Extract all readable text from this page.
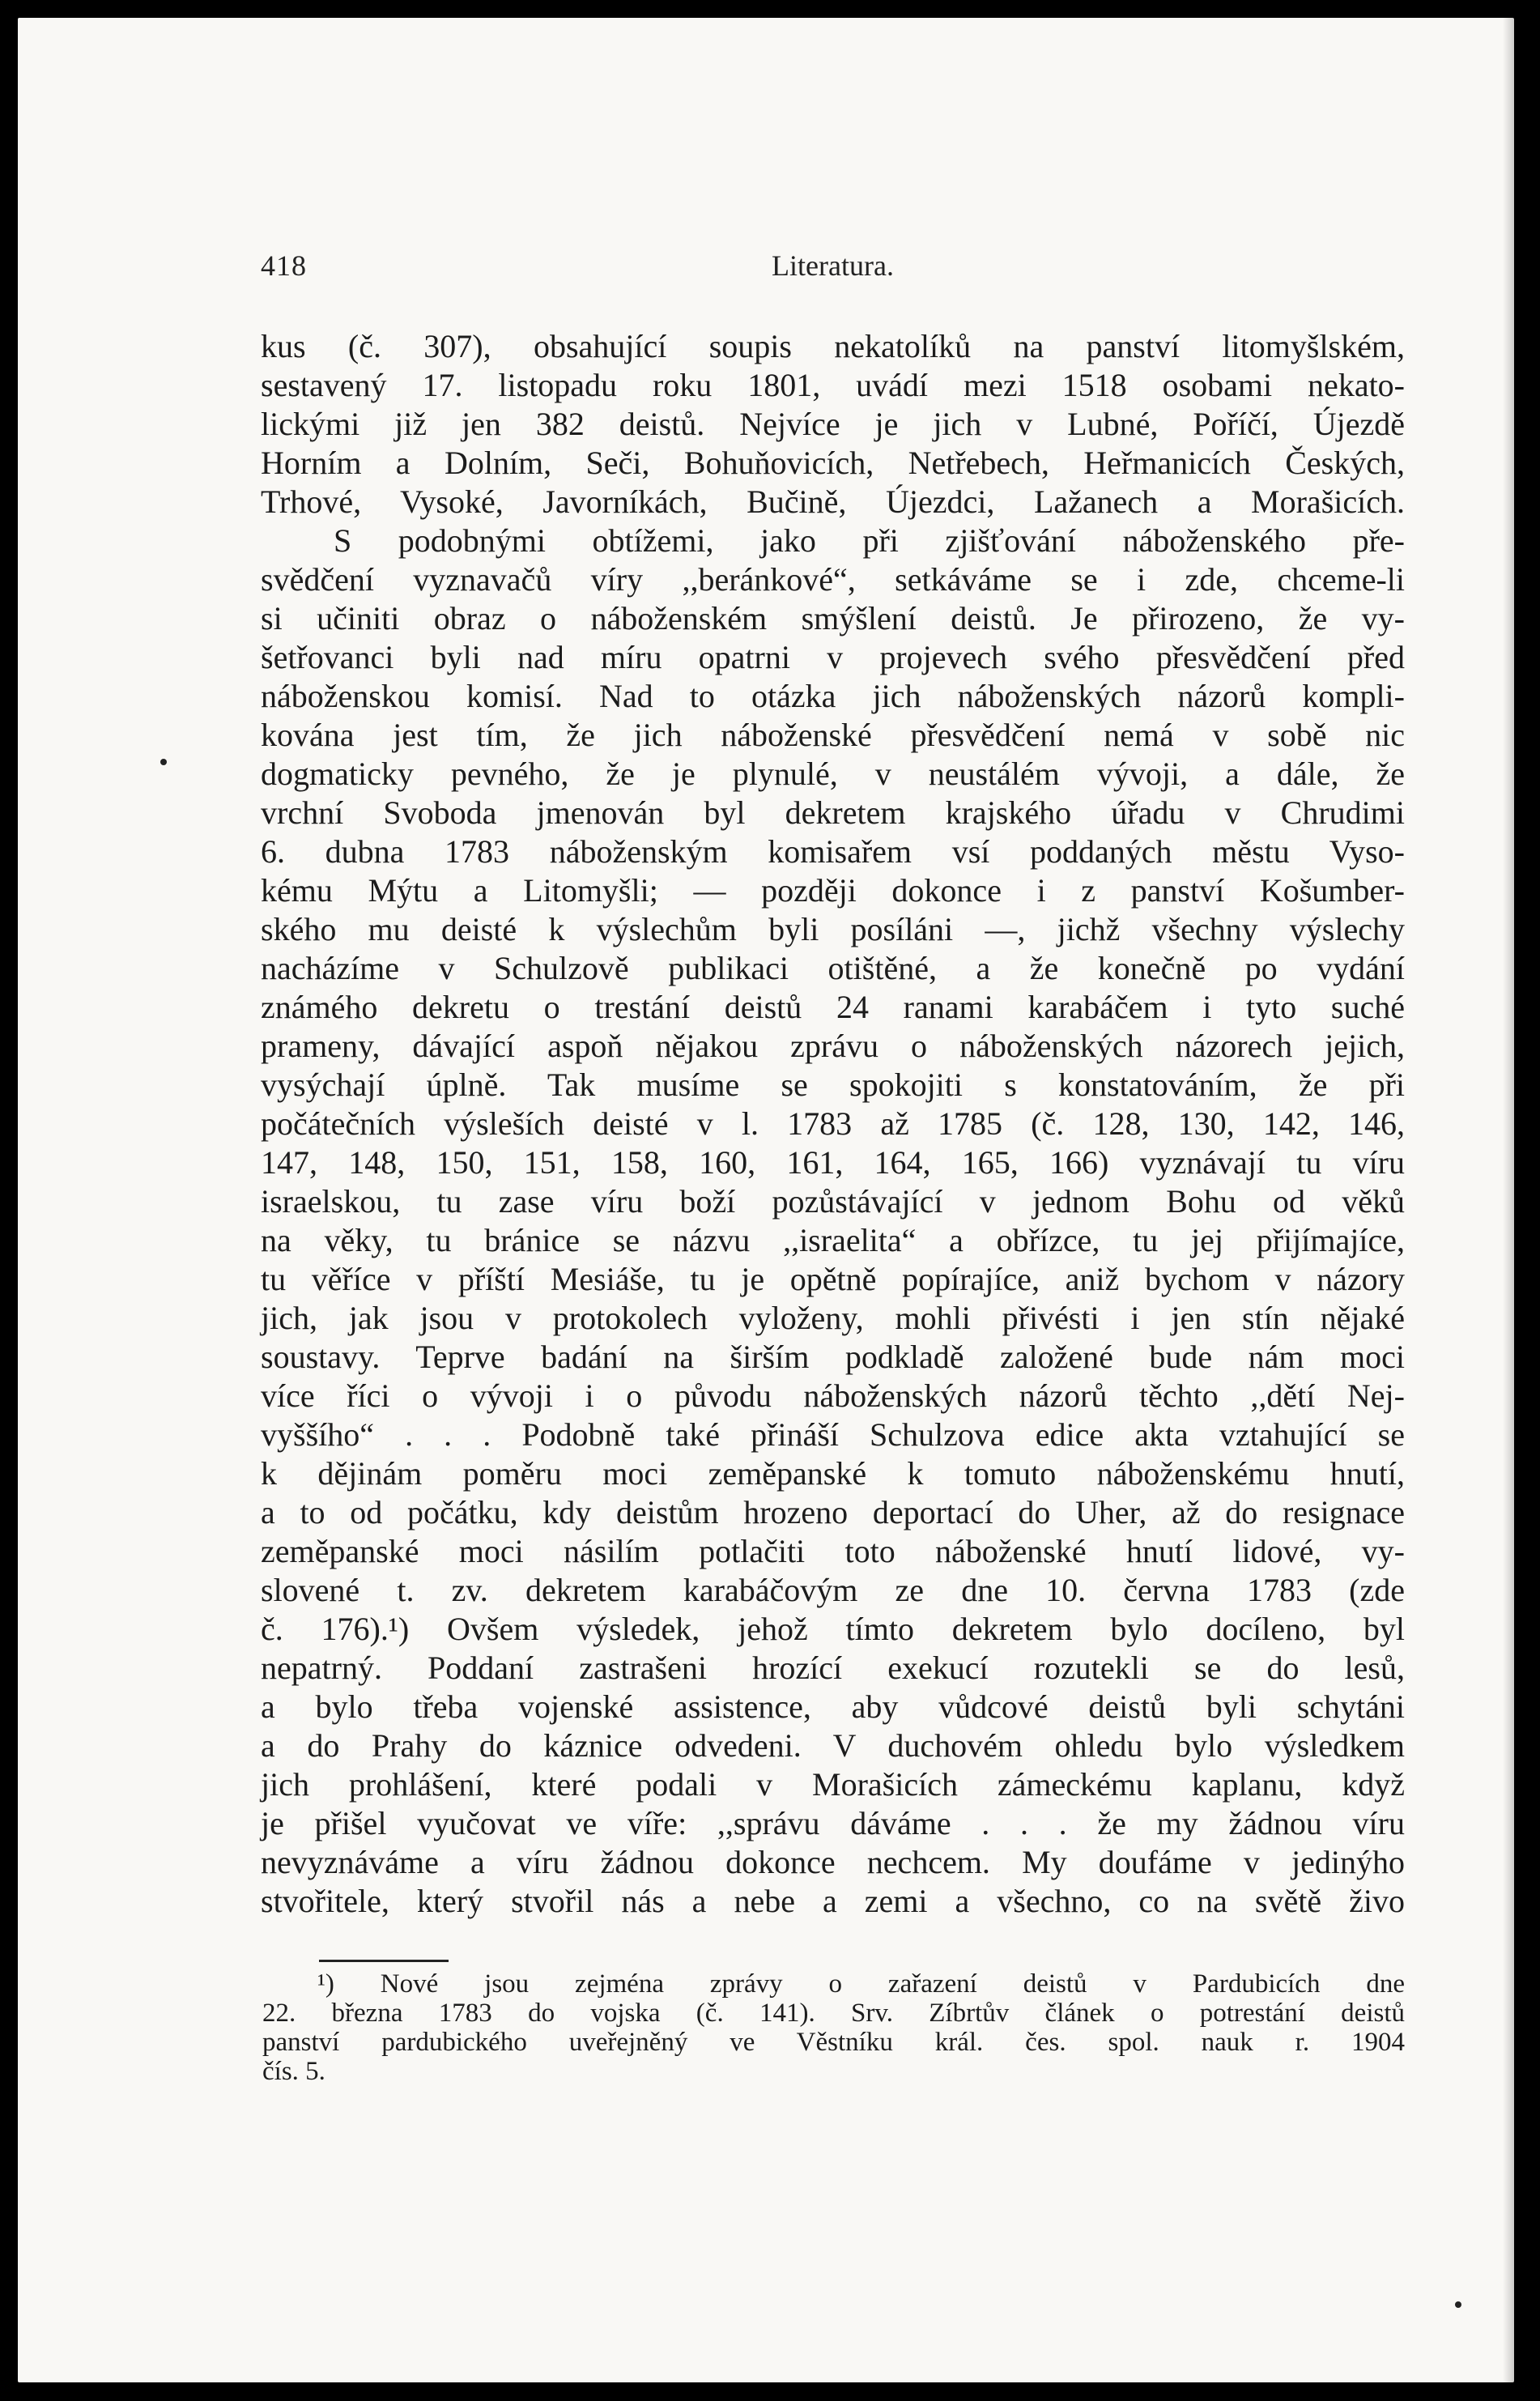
418	Literatura.
kus (č. 307), obsahující soupis nekatolíků na panství litomyšlském,
sestavený 17. listopadu roku 1801, uvádí mezi 1518 osobami nekato-
lickými již jen 382 deistů. Nejvíce je jich v Lubné, Poříčí, Újezdě
Horním a Dolním, Seči, Bohuňovicích, Netřebech, Heřmanicích Českých,
Trhové, Vysoké, Javorníkách, Bučině, Újezdci, Lažanech a Morašicích.
S podobnými obtížemi, jako při zjišťování náboženského pře-
svědčení vyznavačů víry ,,beránkové“, setkáváme se i zde, chceme-li
si učiniti obraz o náboženském smýšlení deistů. Je přirozeno, že vy-
šetřovanci byli nad míru opatrni v projevech svého přesvědčení před
náboženskou komisí. Nad to otázka jich náboženských názorů kompli-
kována jest tím, že jich náboženské přesvědčení nemá v sobě nic
dogmaticky pevného, že je plynulé, v neustálém vývoji, a dále, že
vrchní Svoboda jmenován byl dekretem krajského úřadu v Chrudimi
6. dubna 1783 náboženským komisařem vsí poddaných městu Vyso-
kému Mýtu a Litomyšli; — později dokonce i z panství Košumber-
ského mu deisté k výslechům byli posíláni —, jichž všechny výslechy
nacházíme v Schulzově publikaci otištěné, a že konečně po vydání
známého dekretu o trestání deistů 24 ranami karabáčem i tyto suché
prameny, dávající aspoň nějakou zprávu o náboženských názorech jejich,
vysýchají úplně. Tak musíme se spokojiti s konstatováním, že při
počátečních výsleších deisté v l. 1783 až 1785 (č. 128, 130, 142, 146,
147, 148, 150, 151, 158, 160, 161, 164, 165, 166) vyznávají tu víru
israelskou, tu zase víru boží pozůstávající v jednom Bohu od věků
na věky, tu bránice se názvu ,,israelita“ a obřízce, tu jej přijímajíce,
tu věříce v příští Mesiáše, tu je opětně popírajíce, aniž bychom v názory
jich, jak jsou v protokolech vyloženy, mohli přivésti i jen stín nějaké
soustavy. Teprve badání na širším podkladě založené bude nám moci
více říci o vývoji i o původu náboženských názorů těchto ,,dětí Nej-
vyššího“ . . . Podobně také přináší Schulzova edice akta vztahující se
k dějinám poměru moci zeměpanské k tomuto náboženskému hnutí,
a to od počátku, kdy deistům hrozeno deportací do Uher, až do resignace
zeměpanské moci násilím potlačiti toto náboženské hnutí lidové, vy-
slovené t. zv. dekretem karabáčovým ze dne 10. června 1783 (zde
č. 176).¹) Ovšem výsledek, jehož tímto dekretem bylo docíleno, byl
nepatrný. Poddaní zastrašeni hrozící exekucí rozutekli se do lesů,
a bylo třeba vojenské assistence, aby vůdcové deistů byli schytáni
a do Prahy do káznice odvedeni. V duchovém ohledu bylo výsledkem
jich prohlášení, které podali v Morašicích zámeckému kaplanu, když
je přišel vyučovat ve víře: ,,správu dáváme . . . že my žádnou víru
nevyznáváme a víru žádnou dokonce nechcem. My doufáme v jedinýho
stvořitele, který stvořil nás a nebe a zemi a všechno, co na světě živo
¹) Nové jsou zejména zprávy o zařazení deistů v Pardubicích dne
22. března 1783 do vojska (č. 141). Srv. Zíbrtův článek o potrestání deistů
panství pardubického uveřejněný ve Věstníku král. čes. spol. nauk r. 1904
čís. 5.
